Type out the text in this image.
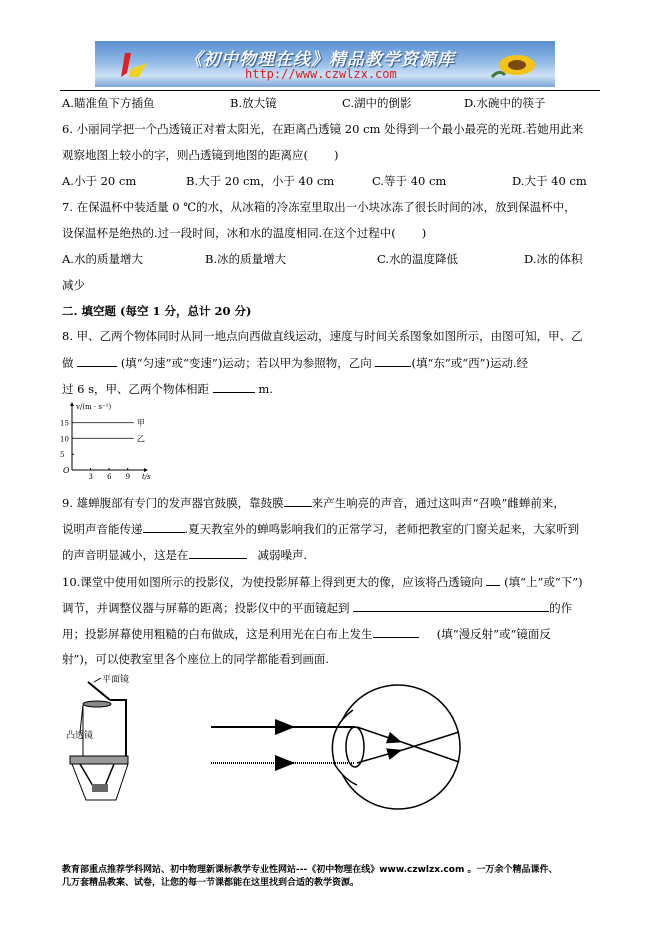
《初中物理在线》精品教学资源库
http://www.czwlzx.com
A.瞄准鱼下方插鱼	B.放大镜	C.湖中的倒影	D.水碗中的筷子
6. 小丽同学把一个凸透镜正对着太阳光，在距离凸透镜 20 cm 处得到一个最小最亮的光斑.若她用此来
观察地图上较小的字，则凸透镜到地图的距离应( )
A.小于 20 cm	B.大于 20 cm，小于 40 cm	C.等于 40 cm	D.大于 40 cm
7. 在保温杯中装适量 0 ℃的水，从冰箱的冷冻室里取出一小块冰冻了很长时间的冰，放到保温杯中，
设保温杯是绝热的.过一段时间，冰和水的温度相同.在这个过程中( )
A.水的质量增大	B.冰的质量增大	C.水的温度降低	D.冰的体积
减少
二. 填空题 (每空 1 分，总计 20 分)
8. 甲、乙两个物体同时从同一地点向西做直线运动，速度与时间关系图象如图所示，由图可知，甲、乙
做	(填“匀速”或“变速”)运动；若以甲为参照物，乙向	(填“东”或“西”)运动.经
过 6 s，甲、乙两个物体相距	m.
v/(m · s⁻¹)
t/s
O
3 6 9
5
10
15	甲
乙
9. 雄蝉腹部有专门的发声器官鼓膜，靠鼓膜 来产生响亮的声音，通过这叫声“召唤”雌蝉前来，
说明声音能传递	.夏天教室外的蝉鸣影响我们的正常学习，老师把教室的门窗关起来，大家听到
的声音明显减小，这是在	减弱噪声.
10.课堂中使用如图所示的投影仪，为使投影屏幕上得到更大的像，应该将凸透镜向 (填“上”或“下”)
调节，并调整仪器与屏幕的距离；投影仪中的平面镜起到	的作
用；投影屏幕使用粗糙的白布做成，这是利用光在白布上发生	(填“漫反射”或“镜面反
射”)，可以使教室里各个座位上的同学都能看到画面.
平面镜
凸透镜
教育部重点推荐学科网站、初中物理新课标教学专业性网站---《初中物理在线》www.czwlzx.com 。一万余个精品课件、
几万套精品教案、试卷，让您的每一节课都能在这里找到合适的教学资源。
